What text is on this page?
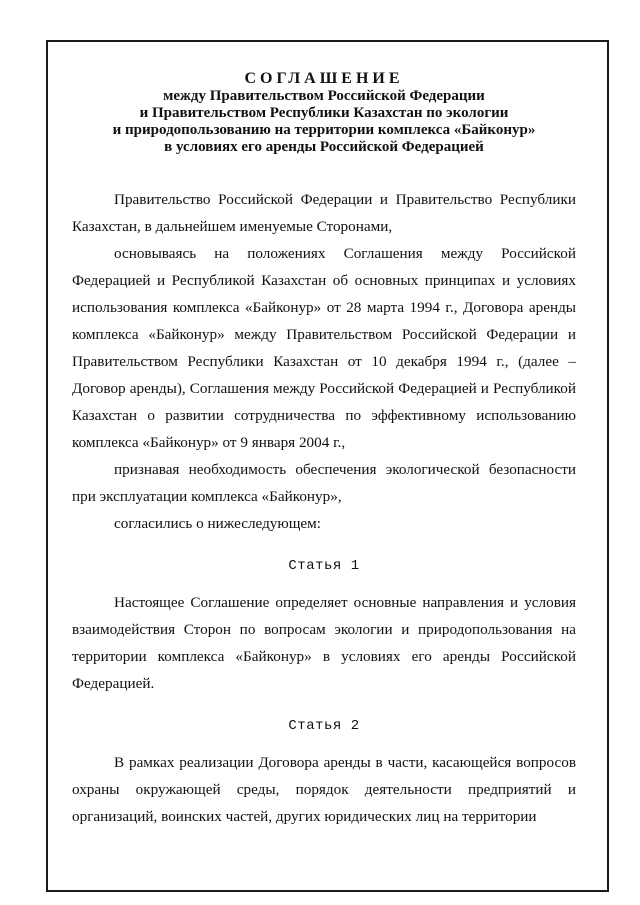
СОГЛАШЕНИЕ
между Правительством Российской Федерации
и Правительством Республики Казахстан по экологии
и природопользованию на территории комплекса «Байконур»
в условиях его аренды Российской Федерацией

Правительство Российской Федерации и Правительство Республики Казахстан, в дальнейшем именуемые Сторонами,

основываясь на положениях Соглашения между Российской Федерацией и Республикой Казахстан об основных принципах и условиях использования комплекса «Байконур» от 28 марта 1994 г., Договора аренды комплекса «Байконур» между Правительством Российской Федерации и Правительством Республики Казахстан от 10 декабря 1994 г., (далее – Договор аренды), Соглашения между Российской Федерацией и Республикой Казахстан о развитии сотрудничества по эффективному использованию комплекса «Байконур» от 9 января 2004 г.,

признавая необходимость обеспечения экологической безопасности при эксплуатации комплекса «Байконур»,

согласились о нижеследующем:

Статья 1

Настоящее Соглашение определяет основные направления и условия взаимодействия Сторон по вопросам экологии и природопользования на территории комплекса «Байконур» в условиях его аренды Российской Федерацией.

Статья 2

В рамках реализации Договора аренды в части, касающейся вопросов охраны окружающей среды, порядок деятельности предприятий и организаций, воинских частей, других юридических лиц на территории
